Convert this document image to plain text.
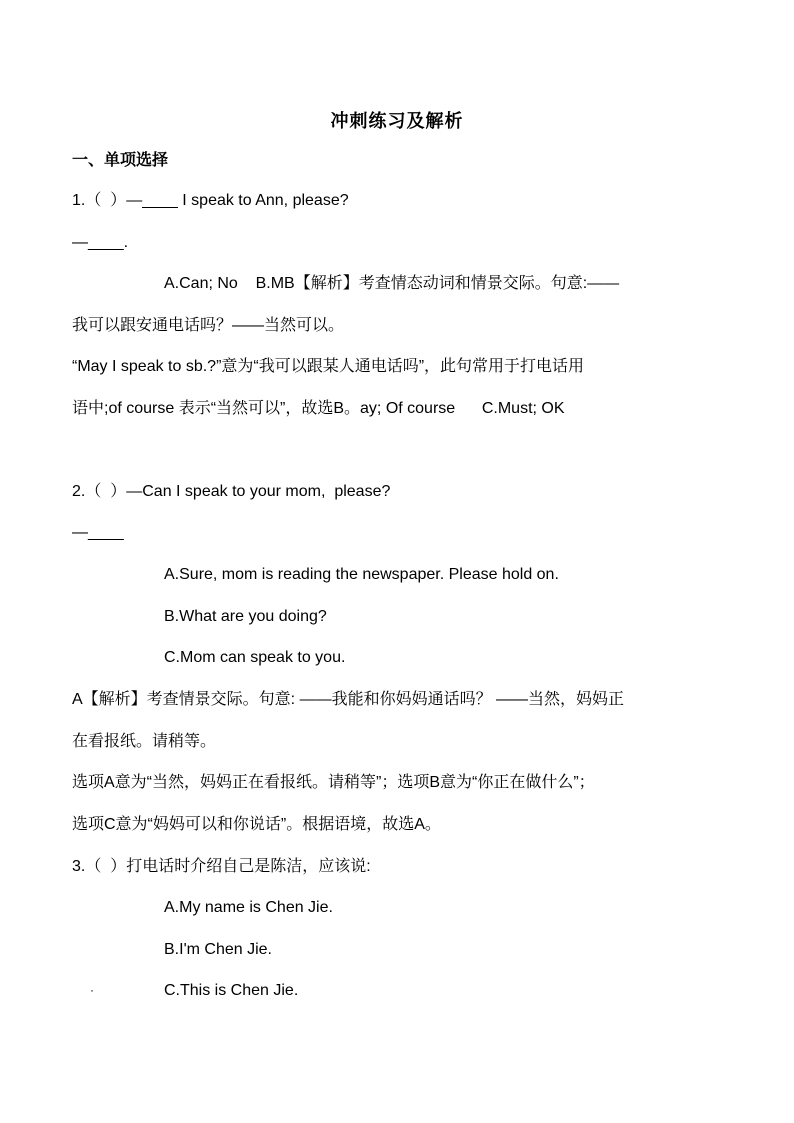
冲刺练习及解析
一、单项选择
1.（  ）—____ I speak to Ann, please?
—____.
A.Can; No    B.MB【解析】考查情态动词和情景交际。句意:——
我可以跟安通电话吗？——当然可以。
“May I speak to sb.?”意为“我可以跟某人通电话吗”，此句常用于打电话用
语中;of course 表示“当然可以”，故选B。ay; Of course      C.Must; OK
2.（  ）—Can I speak to your mom,  please?
—____
A.Sure, mom is reading the newspaper. Please hold on.
B.What are you doing?
C.Mom can speak to you.
A【解析】考查情景交际。句意: ——我能和你妈妈通话吗？ ——当然，妈妈正
在看报纸。请稍等。
选项A意为“当然，妈妈正在看报纸。请稍等”；选项B意为“你正在做什么”；
选项C意为“妈妈可以和你说话”。根据语境，故选A。
3.（  ）打电话时介绍自己是陈洁，应该说:
A.My name is Chen Jie.
B.I'm Chen Jie.
·	C.This is Chen Jie.
